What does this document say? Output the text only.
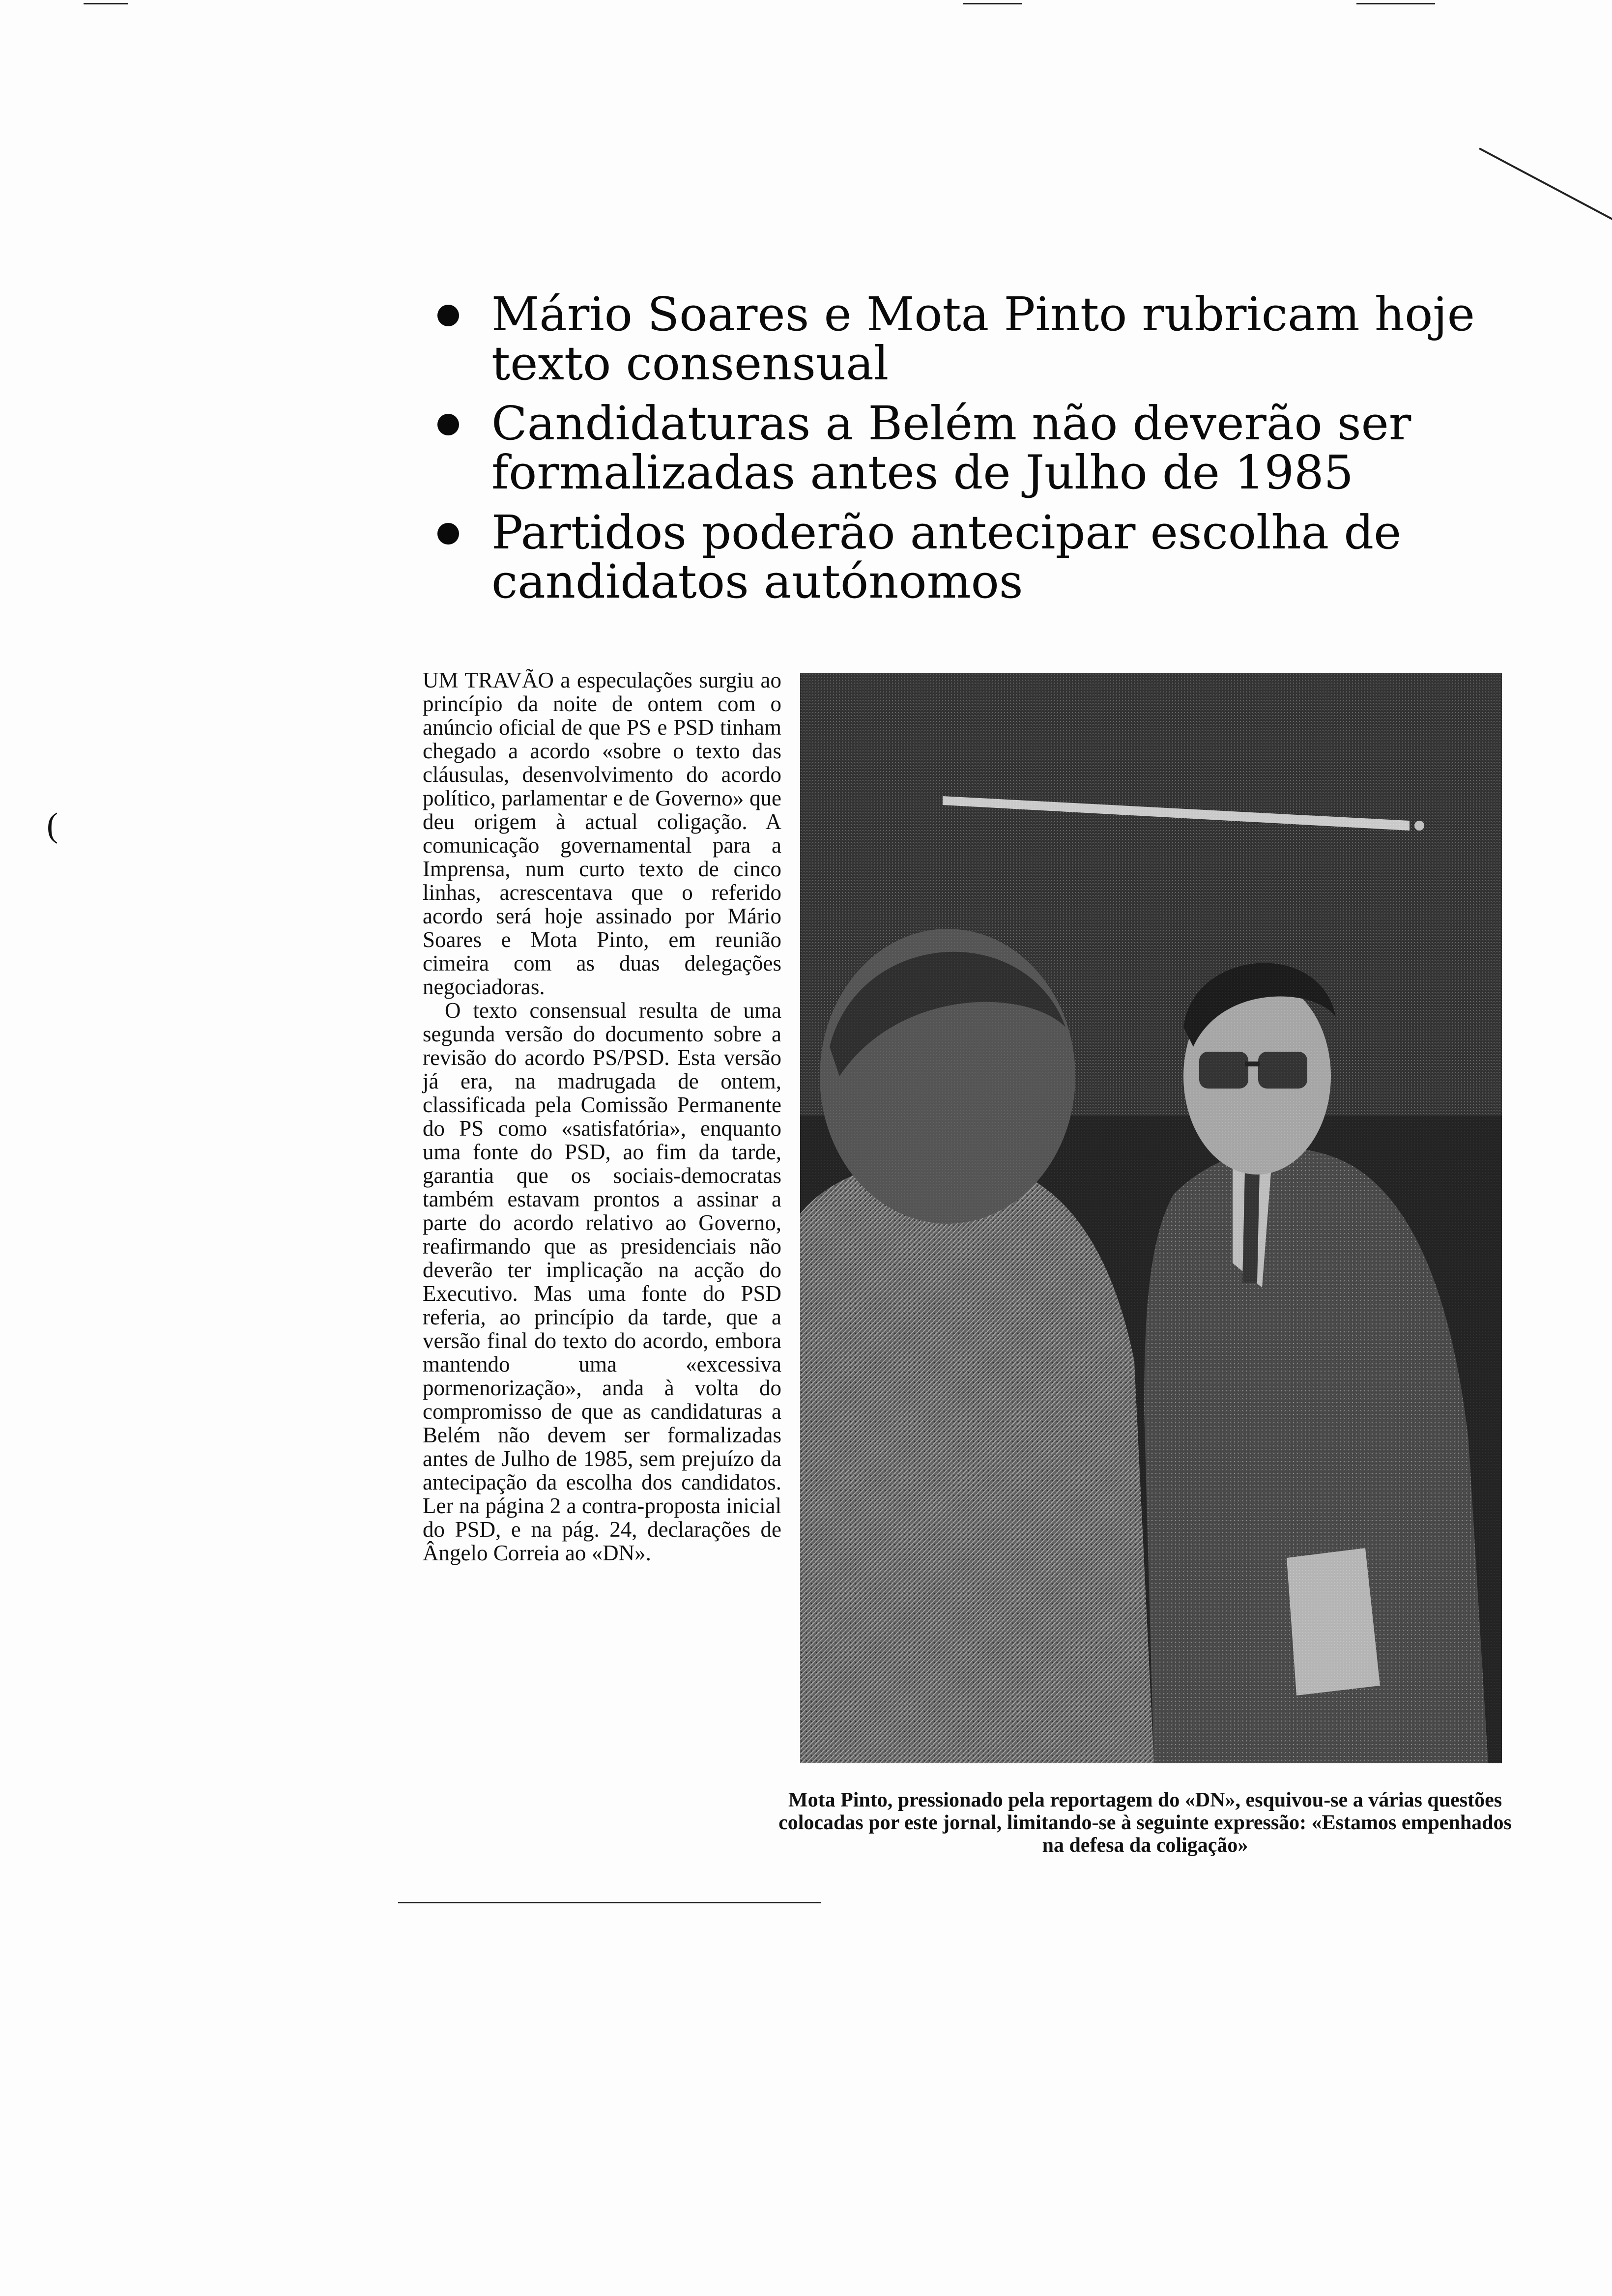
(
Mário Soares e Mota Pinto rubricam hoje texto consensual
Candidaturas a Belém não deverão ser formalizadas antes de Julho de 1985
Partidos poderão antecipar escolha de candidatos autónomos

UM TRAVÃO a especulações surgiu ao princípio da noite de ontem com o anúncio oficial de que PS e PSD tinham chegado a acordo «sobre o texto das cláusulas, desenvolvimento do acordo político, parlamentar e de Governo» que deu origem à actual coligação. A comunicação governamental para a Imprensa, num curto texto de cinco linhas, acrescentava que o referido acordo será hoje assinado por Mário Soares e Mota Pinto, em reunião cimeira com as duas delegações negociadoras.

O texto consensual resulta de uma segunda versão do documento sobre a revisão do acordo PS/PSD. Esta versão já era, na madrugada de ontem, classificada pela Comissão Permanente do PS como «satisfatória», enquanto uma fonte do PSD, ao fim da tarde, garantia que os sociais-democratas também estavam prontos a assinar a parte do acordo relativo ao Governo, reafirmando que as presidenciais não deverão ter implicação na acção do Executivo. Mas uma fonte do PSD referia, ao princípio da tarde, que a versão final do texto do acordo, embora mantendo uma «excessiva pormenorização», anda à volta do compromisso de que as candidaturas a Belém não devem ser formalizadas antes de Julho de 1985, sem prejuízo da antecipação da escolha dos candidatos. Ler na página 2 a contra-proposta inicial do PSD, e na pág. 24, declarações de Ângelo Correia ao «DN».

Mota Pinto, pressionado pela reportagem do «DN», esquivou-se a várias questões colocadas por este jornal, limitando-se à seguinte expressão: «Estamos empenhados na defesa da coligação»
